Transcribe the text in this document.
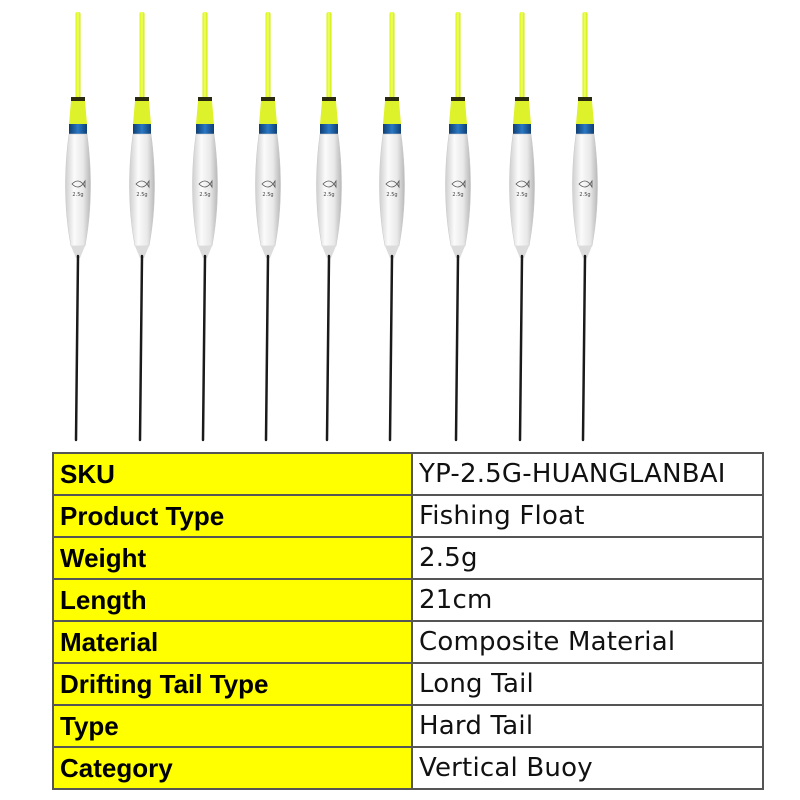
2.5g	2.5g	2.5g	2.5g	2.5g	2.5g	2.5g	2.5g	2.5g
SKU	YP-2.5G-HUANGLANBAI
Product Type	Fishing Float
Weight	2.5g
Length	21cm
Material	Composite Material
Drifting Tail Type	Long Tail
Type	Hard Tail
Category	Vertical Buoy
